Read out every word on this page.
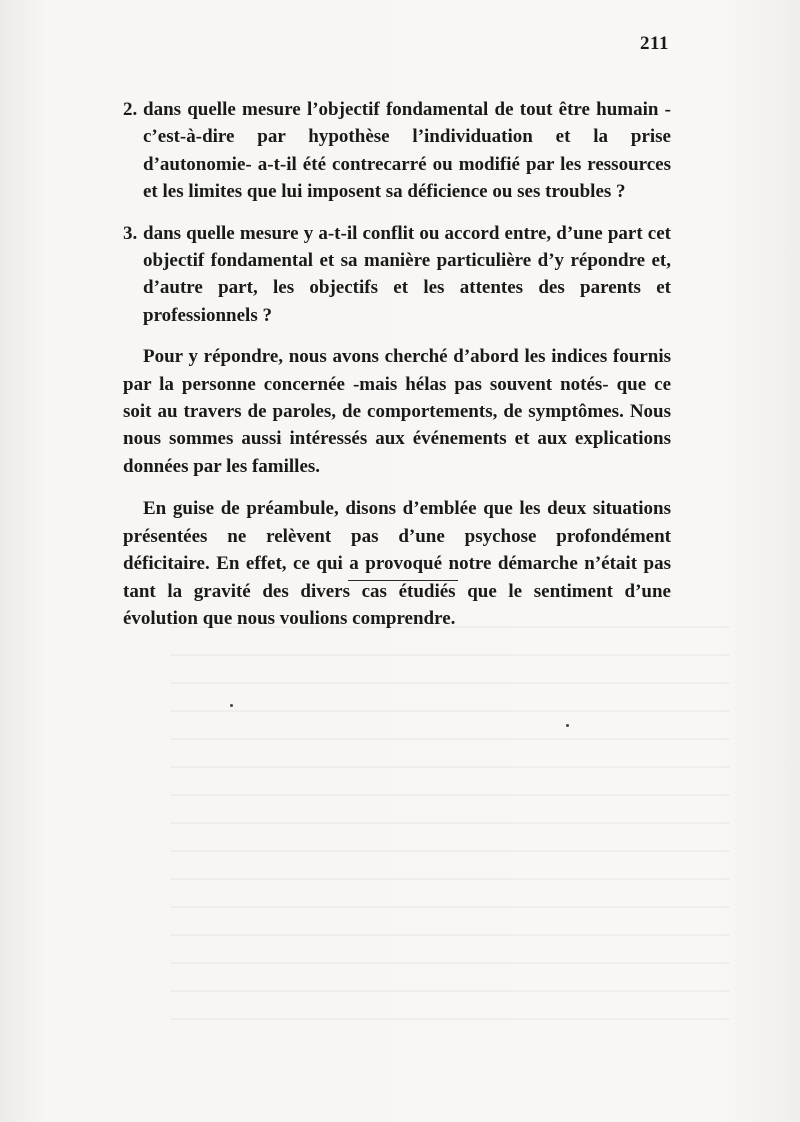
211
2. dans quelle mesure l’objectif fondamental de tout être humain - c’est-à-dire par hypothèse l’individuation et la prise d’autonomie- a-t-il été contrecarré ou modifié par les ressources et les limites que lui imposent sa déficience ou ses troubles ?
3. dans quelle mesure y a-t-il conflit ou accord entre, d’une part cet objectif fondamental et sa manière particulière d’y répondre et, d’autre part, les objectifs et les attentes des parents et professionnels ?

Pour y répondre, nous avons cherché d’abord les indices fournis par la personne concernée -mais hélas pas souvent notés- que ce soit au travers de paroles, de comportements, de symptômes. Nous nous sommes aussi intéressés aux événements et aux explications données par les familles.

En guise de préambule, disons d’emblée que les deux situations présentées ne relèvent pas d’une psychose profondément déficitaire. En effet, ce qui a provoqué notre démarche n’était pas tant la gravité des divers cas étudiés que le sentiment d’une évolution que nous voulions comprendre.
